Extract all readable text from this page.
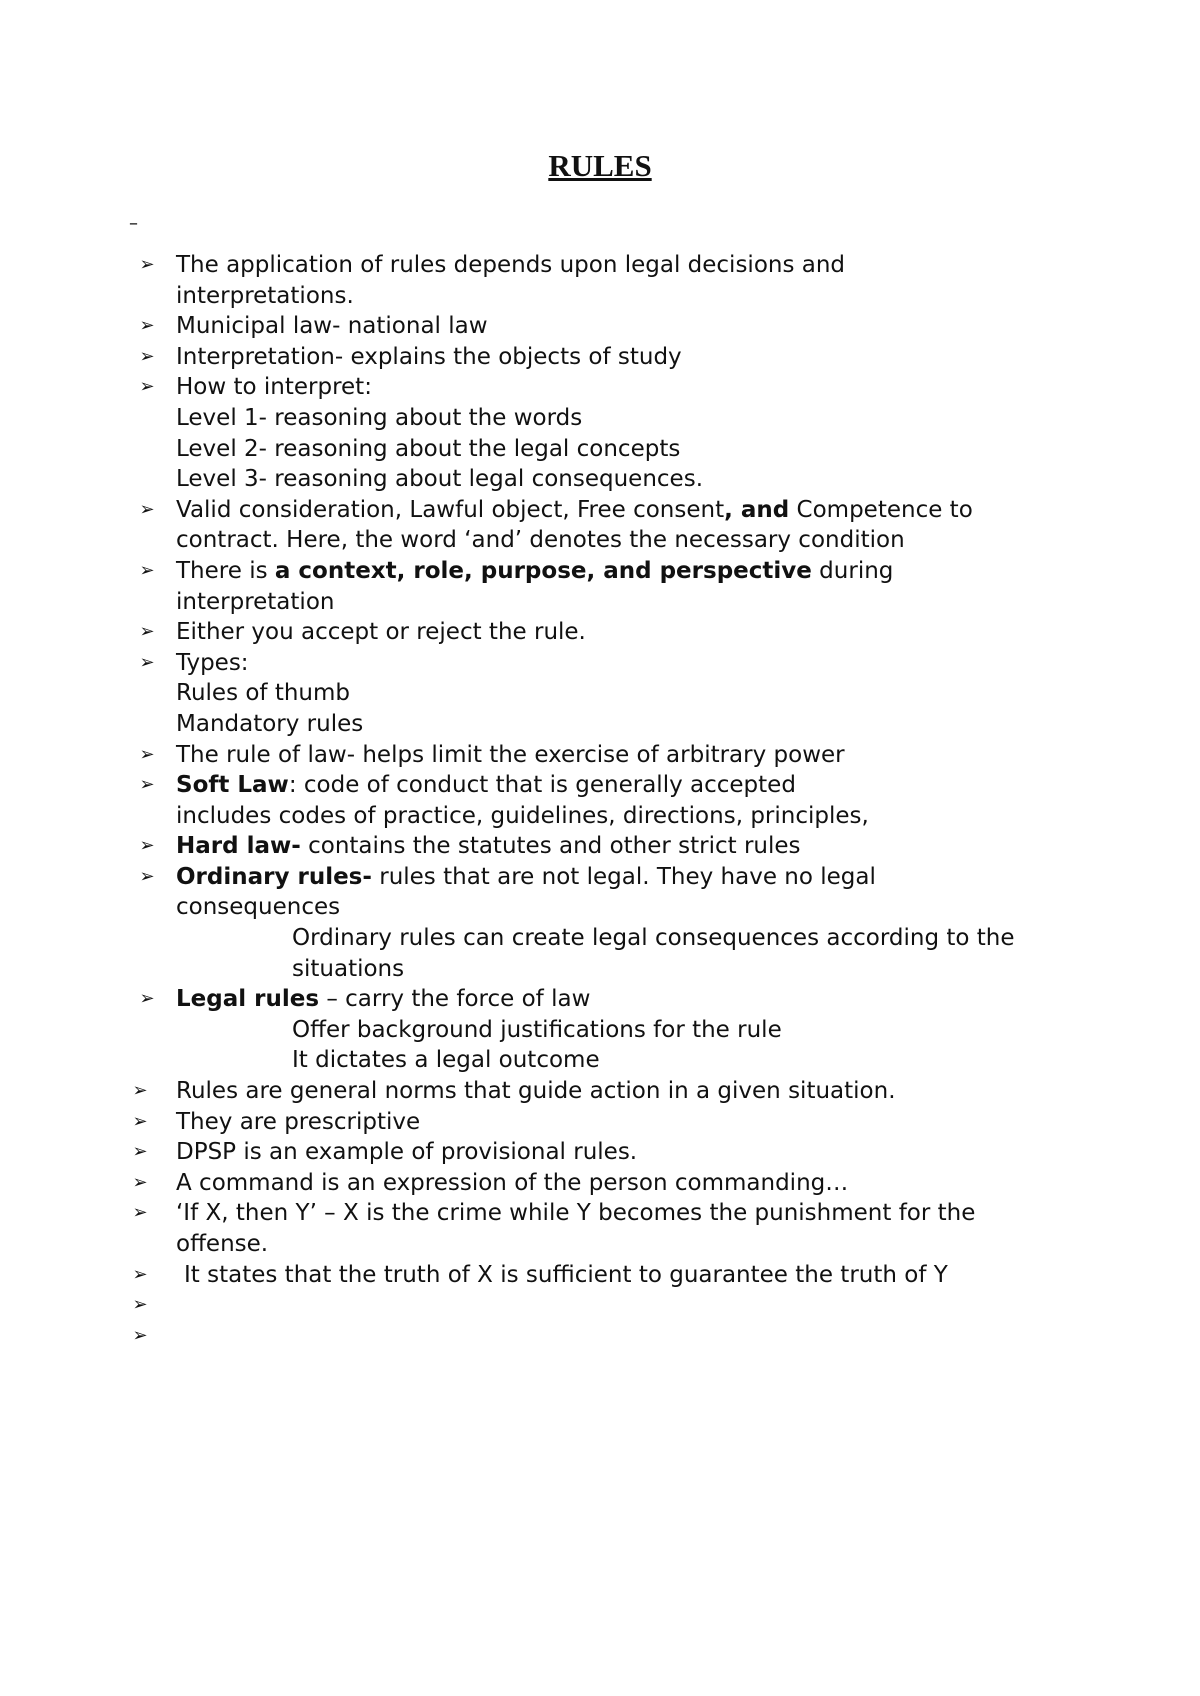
RULES
–
➢ The application of rules depends upon legal decisions and
interpretations.
➢ Municipal law- national law
➢ Interpretation- explains the objects of study
➢ How to interpret:
Level 1- reasoning about the words
Level 2- reasoning about the legal concepts
Level 3- reasoning about legal consequences.
➢ Valid consideration, Lawful object, Free consent, and Competence to
contract. Here, the word ‘and’ denotes the necessary condition
➢ There is a context, role, purpose, and perspective during
interpretation
➢ Either you accept or reject the rule.
➢ Types:
Rules of thumb
Mandatory rules
➢ The rule of law- helps limit the exercise of arbitrary power
➢ Soft Law: code of conduct that is generally accepted
includes codes of practice, guidelines, directions, principles,
➢ Hard law- contains the statutes and other strict rules
➢ Ordinary rules- rules that are not legal. They have no legal
consequences
Ordinary rules can create legal consequences according to the
situations
➢ Legal rules – carry the force of law
Offer background justifications for the rule
It dictates a legal outcome
➢ Rules are general norms that guide action in a given situation.
➢ They are prescriptive
➢ DPSP is an example of provisional rules.
➢ A command is an expression of the person commanding…
➢ ‘If X, then Y’ – X is the crime while Y becomes the punishment for the
offense.
➢ It states that the truth of X is sufficient to guarantee the truth of Y
➢
➢
